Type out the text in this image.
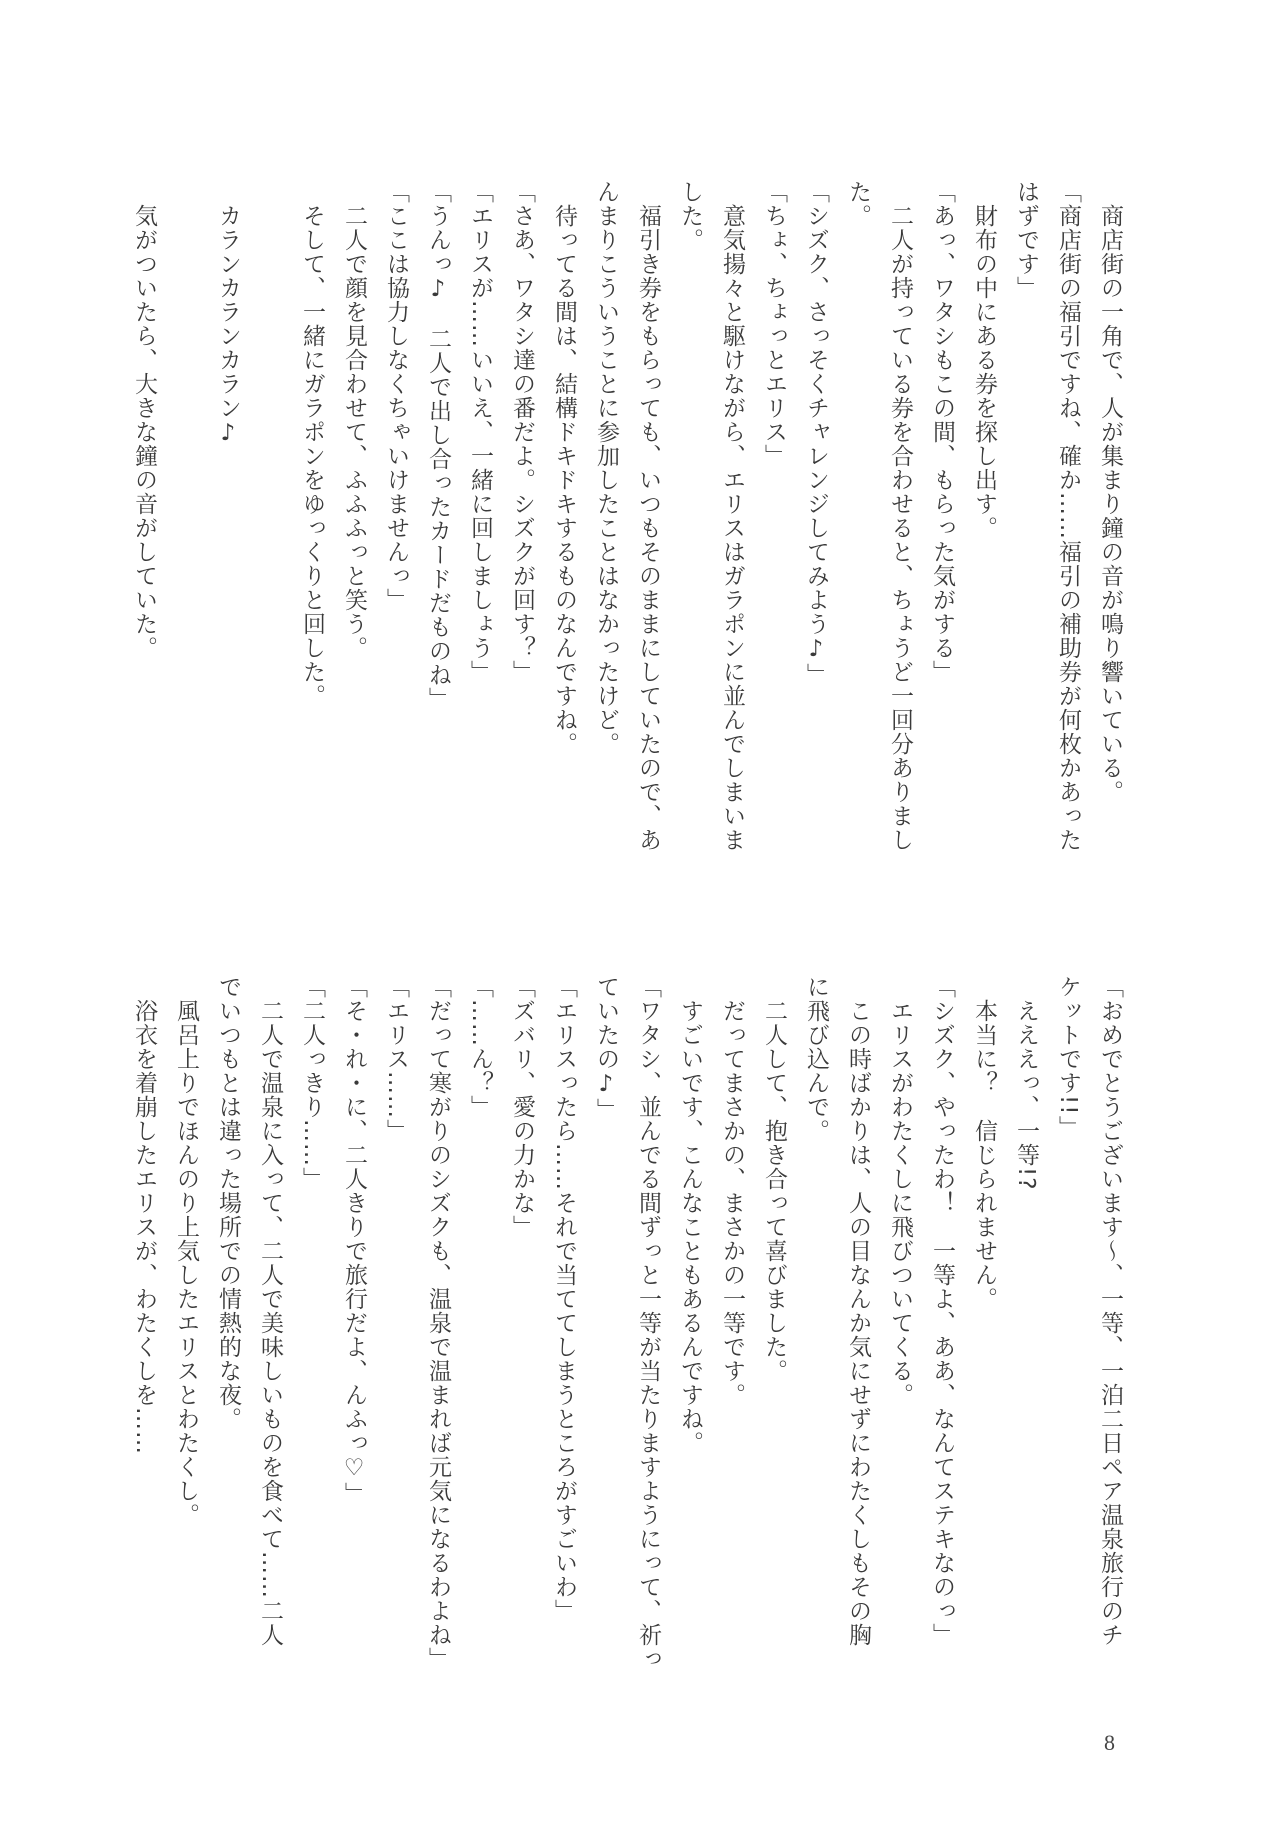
　商店街の一角で、人が集まり鐘の音が鳴り響いている。
「商店街の福引ですね、確か……福引の補助券が何枚かあった
はずです」
　財布の中にある券を探し出す。
「あっ、ワタシもこの間、もらった気がする」
　二人が持っている券を合わせると、ちょうど一回分ありまし
た。
「シズク、さっそくチャレンジしてみよう♪」
「ちょ、ちょっとエリス」
　意気揚々と駆けながら、エリスはガラポンに並んでしまいま
した。
　福引き券をもらっても、いつもそのままにしていたので、あ
んまりこういうことに参加したことはなかったけど。
　待ってる間は、結構ドキドキするものなんですね。
「さあ、ワタシ達の番だよ。シズクが回す？」
「エリスが……いいえ、一緒に回しましょう」
「うんっ♪　二人で出し合ったカードだものね」
「ここは協力しなくちゃいけませんっ」
　二人で顔を見合わせて、ふふふっと笑う。
　そして、一緒にガラポンをゆっくりと回した。
　カランカランカラン♪
　気がついたら、大きな鐘の音がしていた。
「おめでとうございます～、一等、一泊二日ペア温泉旅行のチ
ケットです!!」
　えええっ、一等!?
　本当に？　信じられません。
「シズク、やったわ！　一等よ、ああ、なんてステキなのっ」
　エリスがわたくしに飛びついてくる。
　この時ばかりは、人の目なんか気にせずにわたくしもその胸
に飛び込んで。
　二人して、抱き合って喜びました。
　だってまさかの、まさかの一等です。
　すごいです、こんなこともあるんですね。
「ワタシ、並んでる間ずっと一等が当たりますようにって、祈っ
ていたの♪」
「エリスったら……それで当ててしまうところがすごいわ」
「ズバリ、愛の力かな」
「……ん？」
「だって寒がりのシズクも、温泉で温まれば元気になるわよね」
「エリス……」
「そ・れ・に、二人きりで旅行だよ、んふっ♡」
「二人っきり……」
　二人で温泉に入って、二人で美味しいものを食べて……二人
でいつもとは違った場所での情熱的な夜。
　風呂上りでほんのり上気したエリスとわたくし。
　浴衣を着崩したエリスが、わたくしを……
8
